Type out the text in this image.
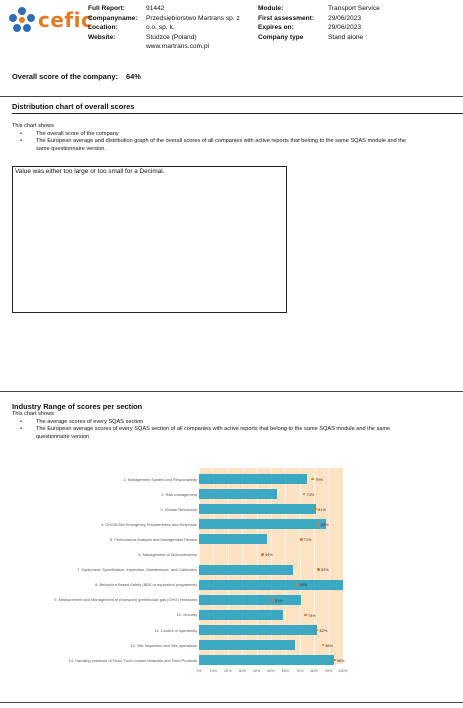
cefic
Full Report:	91442
Companyname:	Przedsiębiorstwo Martrans sp. z
Location:	o.o. sp. k.
Website:	Studzce (Poland)
www.martrans.com.pl
Module:	Transport Service
First assessment:	29/06/2023
Expires on:	29/06/2023
Company type	Stand alone
Overall score of the company: 64%
Distribution chart of overall scores
This chart shows
• The overall score of the company
• The European average and distribution graph of the overall scores of all companies with active reports that belong to the same SQAS module and the same questionnaire version.
Value was either too large or too small for a Decimal.
Industry Range of scores per section
This chart shows
• The average scores of every SQAS section
• The European average scores of every SQAS section of all companies with active reports that belong to the same SQAS module and the same questionnaire version
0% 10% 20% 30% 40% 50% 60% 70% 80% 90% 100%
1. Management System and Responsibility	79%
2. Risk management	73%
3. Human Resources	81%
4. On/Off-Site Emergency Preparedness and Response	83%
5. Performance Analysis and Management Review	71%
6. Management of Subcontractors	44%
7. Equipment: Specification, Inspection, Maintenance, and Calibration	83%
8. Behaviour Based Safety (BBS or equivalent programme)	68%
9. Measurement and Management of (transport) greenhouse gas (GHG) emissions	51%
10. Security	74%
11. Control of operations	82%
13. Site Inspection and Site operations	86%
14. Handling practices of Food, Food contact Materials and Feed Products	96%
